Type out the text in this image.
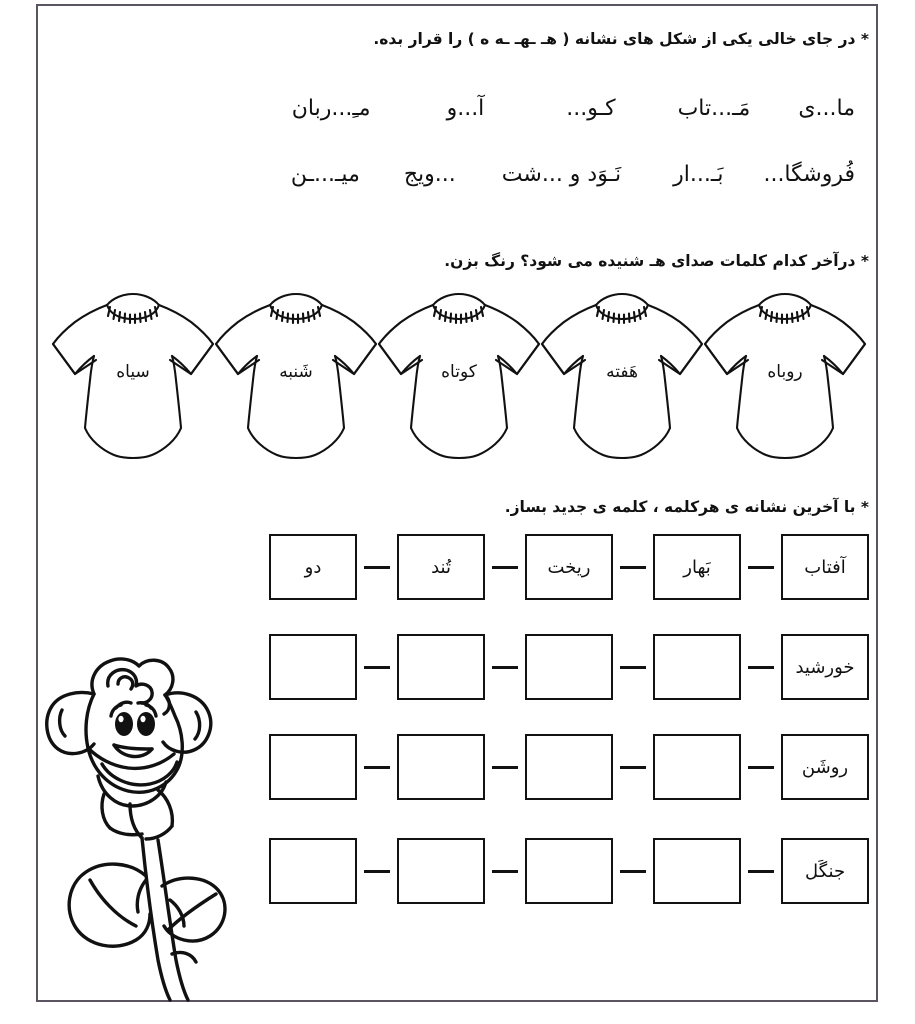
* در جای خالی یکی از شکل های نشانه ( هـ ـهـ ـه ه ) را قرار بده.
ما...ی
مَـ...تاب
کـو...
آ...و
مـِ...ربان
فُروشگا...
بَـ...ار
نَـوَد و ...شت
...ویج
میـ...ـن
* درآخر کدام کلمات صدای هـ شنیده می شود؟ رنگ بزن.
روباه
هَفته
کوتاه
شَنبه
سیاه
* با آخرین نشانه ی هرکلمه ، کلمه ی جدید بساز.
آفتاب
بَهار
ریخت
تُند
دو
خورشید
روشَن
جنگَل
